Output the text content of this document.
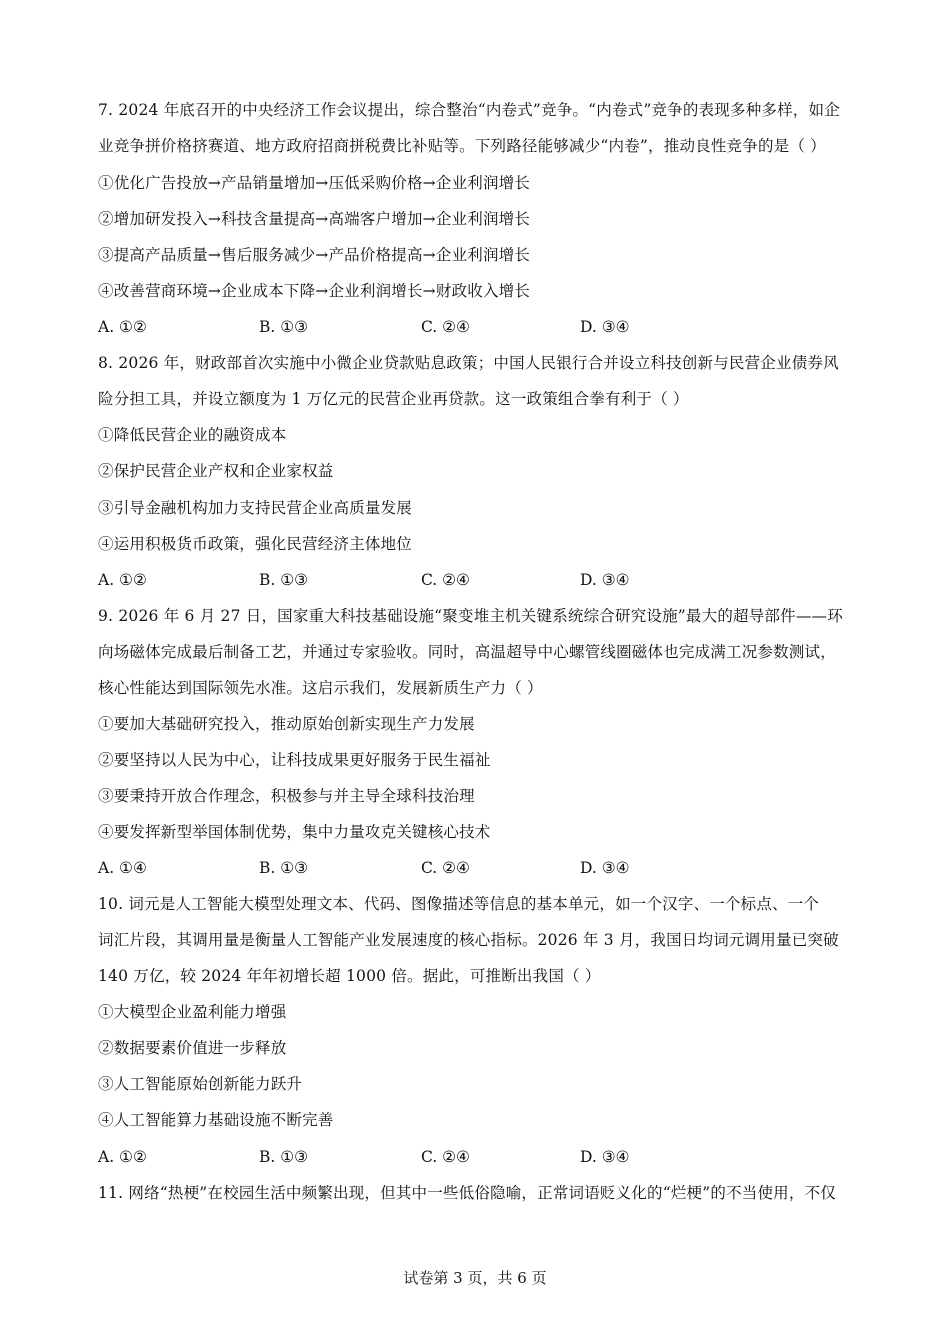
7. 2024 年底召开的中央经济工作会议提出，综合整治“内卷式”竞争。“内卷式”竞争的表现多种多样，如企
业竞争拼价格挤赛道、地方政府招商拼税费比补贴等。下列路径能够减少“内卷”，推动良性竞争的是（ ）
①优化广告投放→产品销量增加→压低采购价格→企业利润增长
②增加研发投入→科技含量提高→高端客户增加→企业利润增长
③提高产品质量→售后服务减少→产品价格提高→企业利润增长
④改善营商环境→企业成本下降→企业利润增长→财政收入增长
A. ①②	B. ①③	C. ②④	D. ③④
8. 2026 年，财政部首次实施中小微企业贷款贴息政策；中国人民银行合并设立科技创新与民营企业债券风
险分担工具，并设立额度为 1 万亿元的民营企业再贷款。这一政策组合拳有利于（ ）
①降低民营企业的融资成本
②保护民营企业产权和企业家权益
③引导金融机构加力支持民营企业高质量发展
④运用积极货币政策，强化民营经济主体地位
A. ①②	B. ①③	C. ②④	D. ③④
9. 2026 年 6 月 27 日，国家重大科技基础设施“聚变堆主机关键系统综合研究设施”最大的超导部件——环
向场磁体完成最后制备工艺，并通过专家验收。同时，高温超导中心螺管线圈磁体也完成满工况参数测试，
核心性能达到国际领先水准。这启示我们，发展新质生产力（ ）
①要加大基础研究投入，推动原始创新实现生产力发展
②要坚持以人民为中心，让科技成果更好服务于民生福祉
③要秉持开放合作理念，积极参与并主导全球科技治理
④要发挥新型举国体制优势，集中力量攻克关键核心技术
A. ①④	B. ①③	C. ②④	D. ③④
10. 词元是人工智能大模型处理文本、代码、图像描述等信息的基本单元，如一个汉字、一个标点、一个
词汇片段，其调用量是衡量人工智能产业发展速度的核心指标。2026 年 3 月，我国日均词元调用量已突破
140 万亿，较 2024 年年初增长超 1000 倍。据此，可推断出我国（ ）
①大模型企业盈利能力增强
②数据要素价值进一步释放
③人工智能原始创新能力跃升
④人工智能算力基础设施不断完善
A. ①②	B. ①③	C. ②④	D. ③④
11. 网络“热梗”在校园生活中频繁出现，但其中一些低俗隐喻，正常词语贬义化的“烂梗”的不当使用，不仅
试卷第 3 页，共 6 页
